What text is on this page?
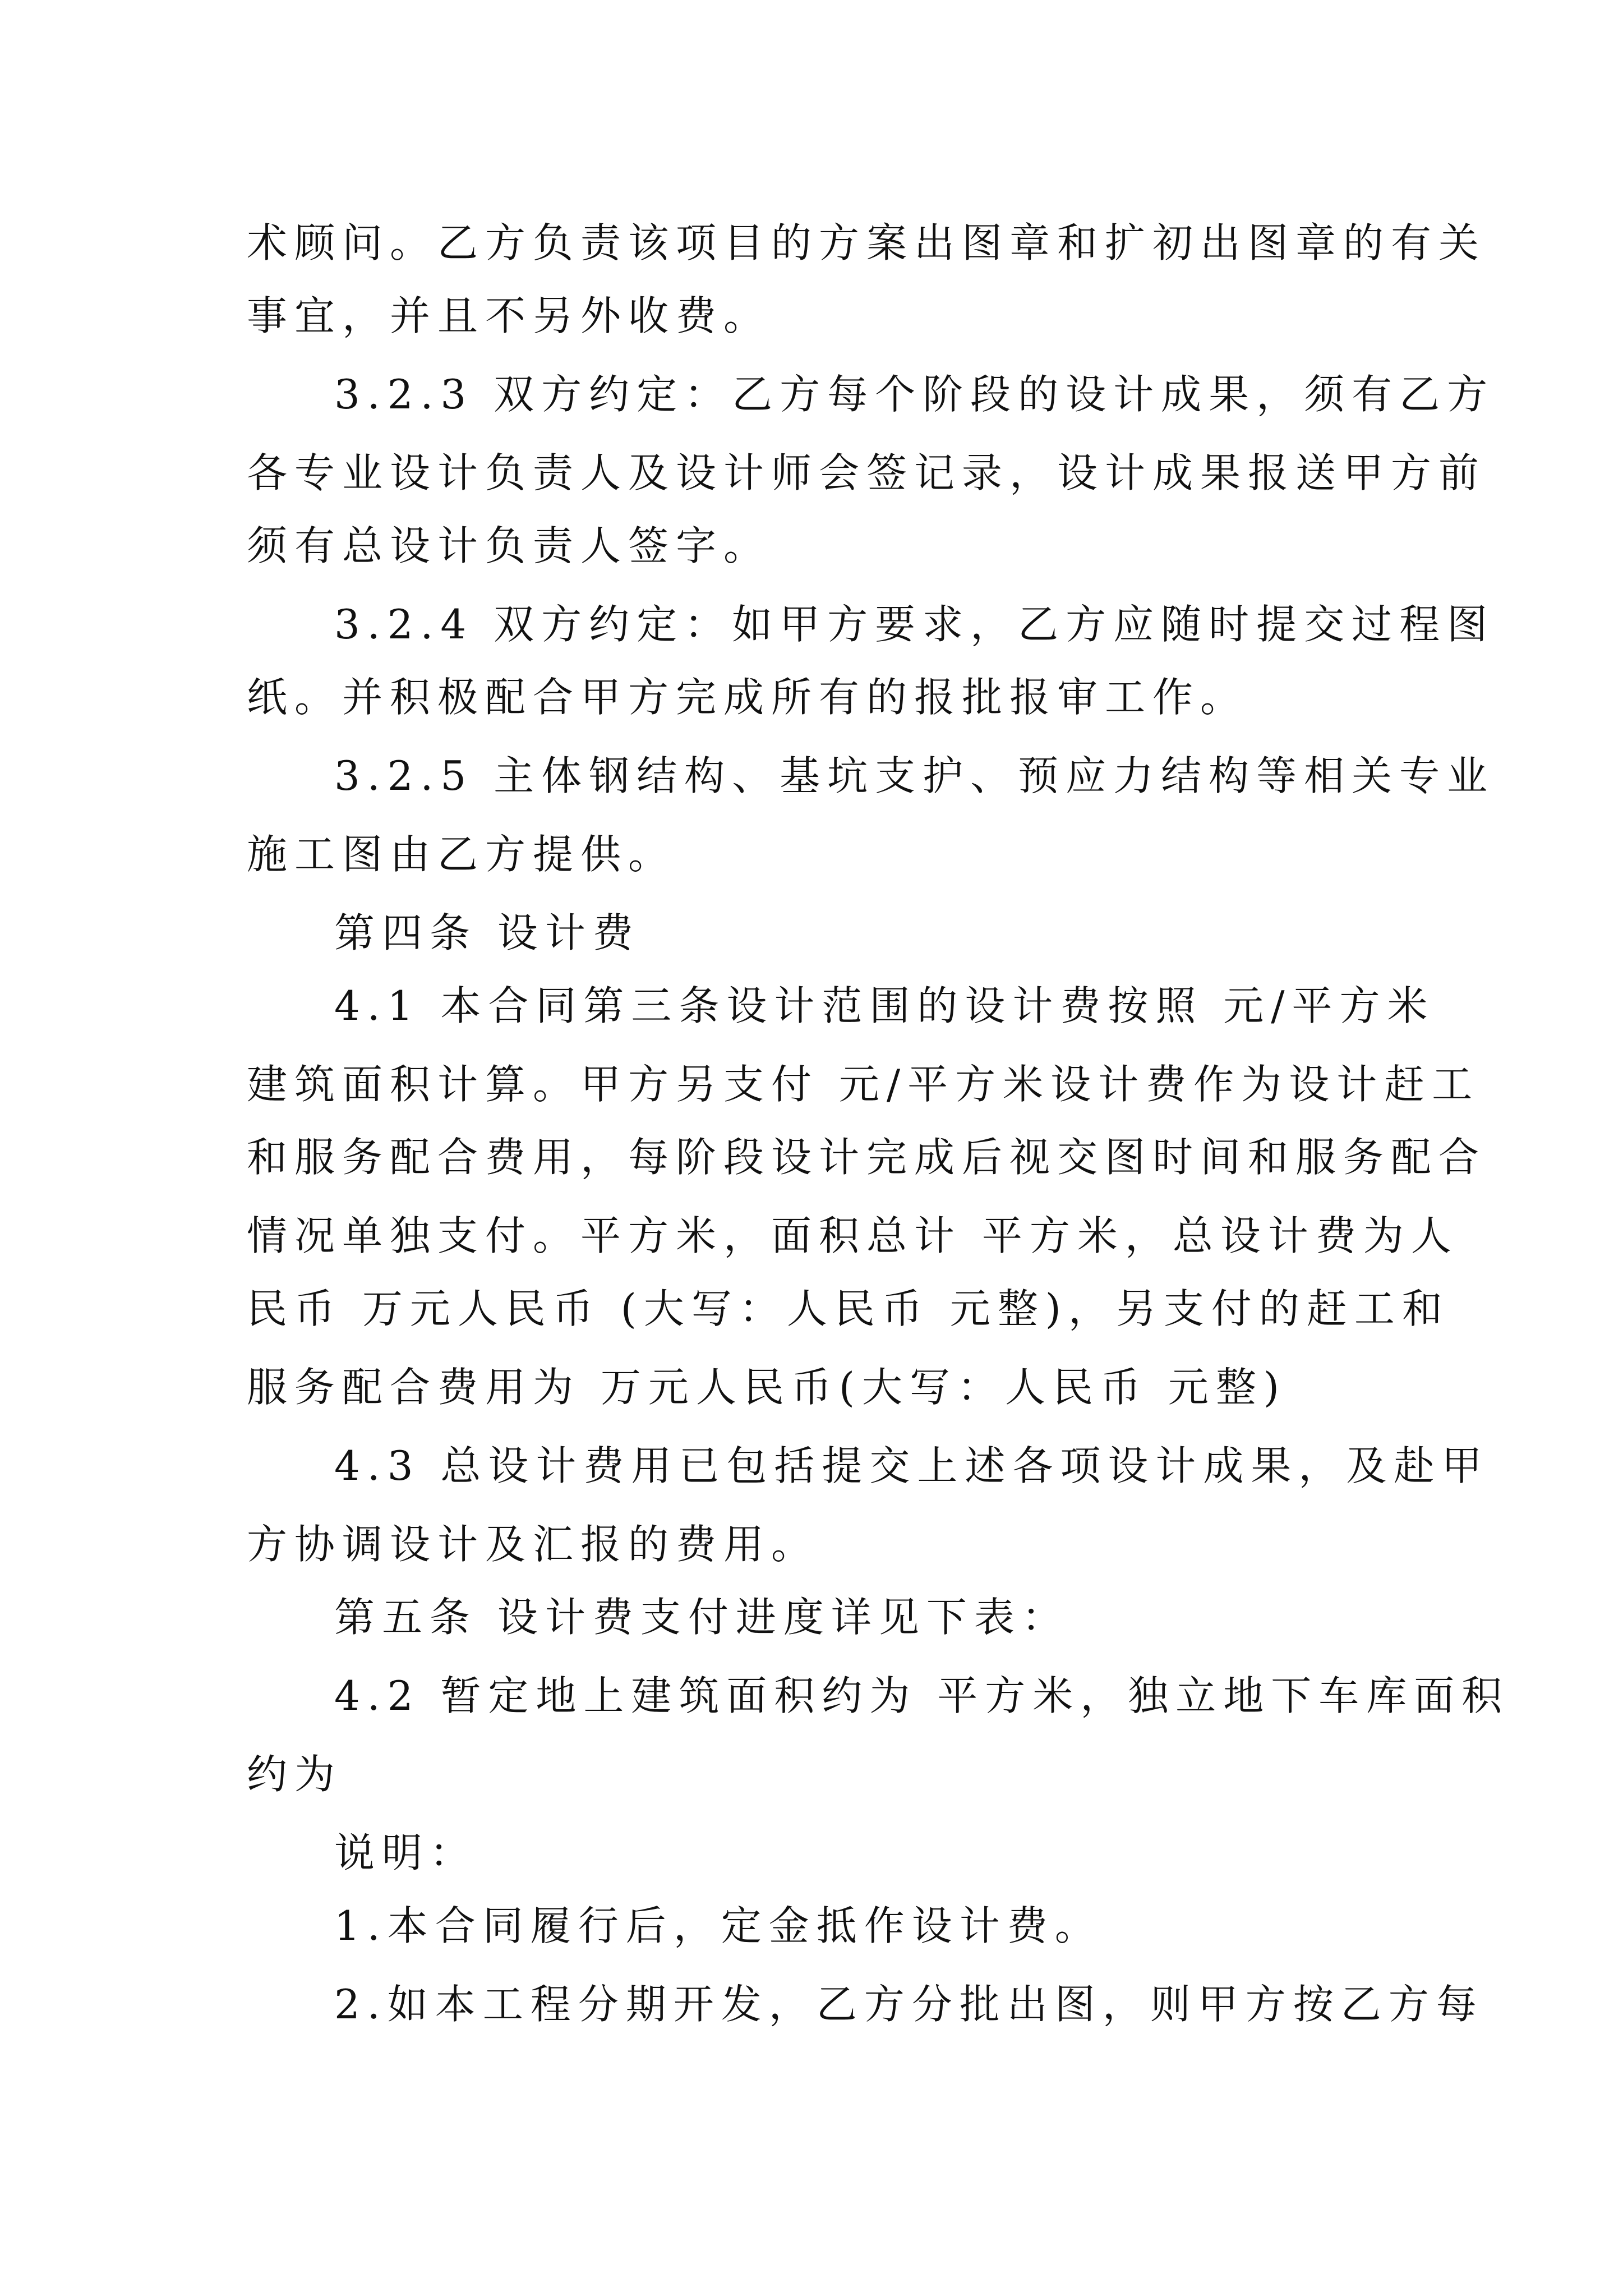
术顾问。乙方负责该项目的方案出图章和扩初出图章的有关
事宜，并且不另外收费。
3.2.3 双方约定：乙方每个阶段的设计成果，须有乙方
各专业设计负责人及设计师会签记录，设计成果报送甲方前
须有总设计负责人签字。
3.2.4 双方约定：如甲方要求，乙方应随时提交过程图
纸。并积极配合甲方完成所有的报批报审工作。
3.2.5 主体钢结构、基坑支护、预应力结构等相关专业
施工图由乙方提供。
第四条 设计费
4.1 本合同第三条设计范围的设计费按照 元/平方米
建筑面积计算。甲方另支付 元/平方米设计费作为设计赶工
和服务配合费用，每阶段设计完成后视交图时间和服务配合
情况单独支付。平方米，面积总计 平方米，总设计费为人
民币 万元人民币 (大写：人民币 元整)，另支付的赶工和
服务配合费用为 万元人民币(大写：人民币 元整)
4.3 总设计费用已包括提交上述各项设计成果，及赴甲
方协调设计及汇报的费用。
第五条 设计费支付进度详见下表：
4.2 暂定地上建筑面积约为 平方米，独立地下车库面积
约为
说明：
1.本合同履行后，定金抵作设计费。
2.如本工程分期开发，乙方分批出图，则甲方按乙方每
